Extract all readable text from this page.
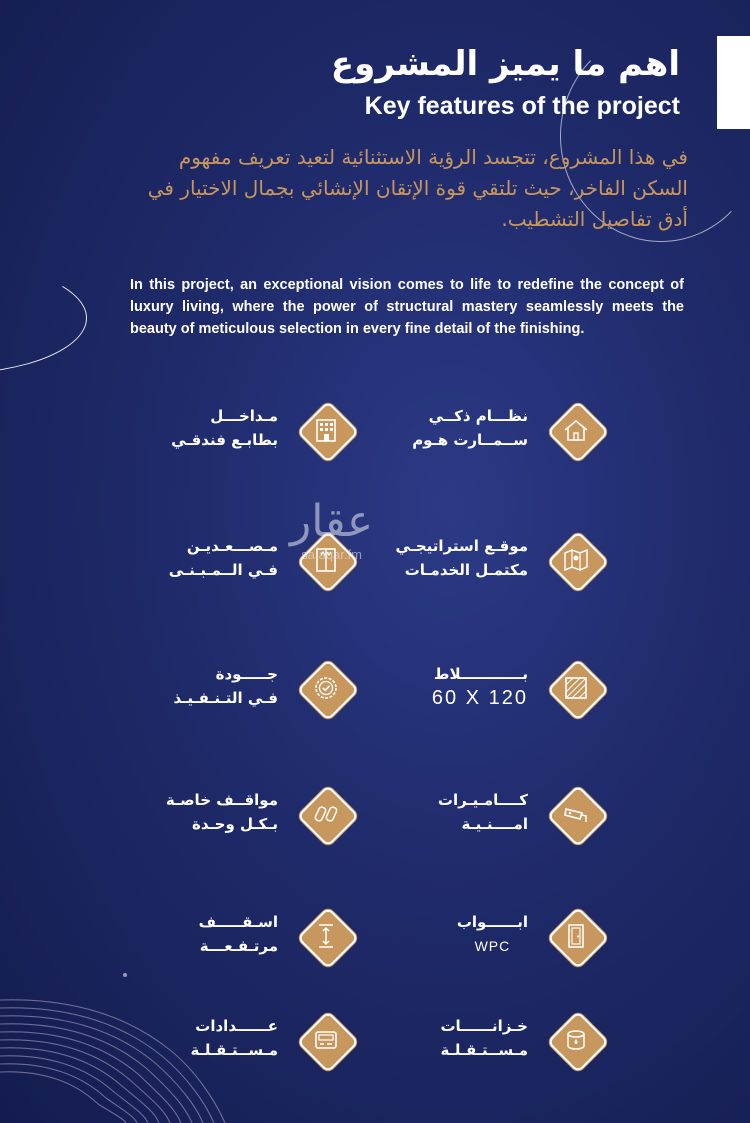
اهم ما يميز المشروع
Key features of the project

في هذا المشروع، تتجسد الرؤية الاستثنائية لتعيد تعريف مفهوم السكن الفاخر، حيث تلتقي قوة الإتقان الإنشائي بجمال الاختيار في أدق تفاصيل التشطيب.

In this project, an exceptional vision comes to life to redefine the concept of luxury living, where the power of structural mastery seamlessly meets the beauty of meticulous selection in every fine detail of the finishing.

نظـــام ذكــي
ســمــارت هـوم
مـداخـــل
بطابـع فندقـي
موقـع استراتيجـي
مكتمـل الخدمـات
مـصـــعـديـن
فـي الــمـبـنـى
بــــــــــــلاط
60 X 120
جـــــودة
فـي التـنـفـيـذ
كــــامـيـرات
امــــنـيـة
مواقــف خاصـة
بـكـل وحـدة
ابــــــواب
WPC
اسـقـــــف
مرتـفـعـــة
خـزانــــــات
مـســتـقـلـة
عــــــدادات
مـســتـقـلـة
عقار
sa.aqar.fm
